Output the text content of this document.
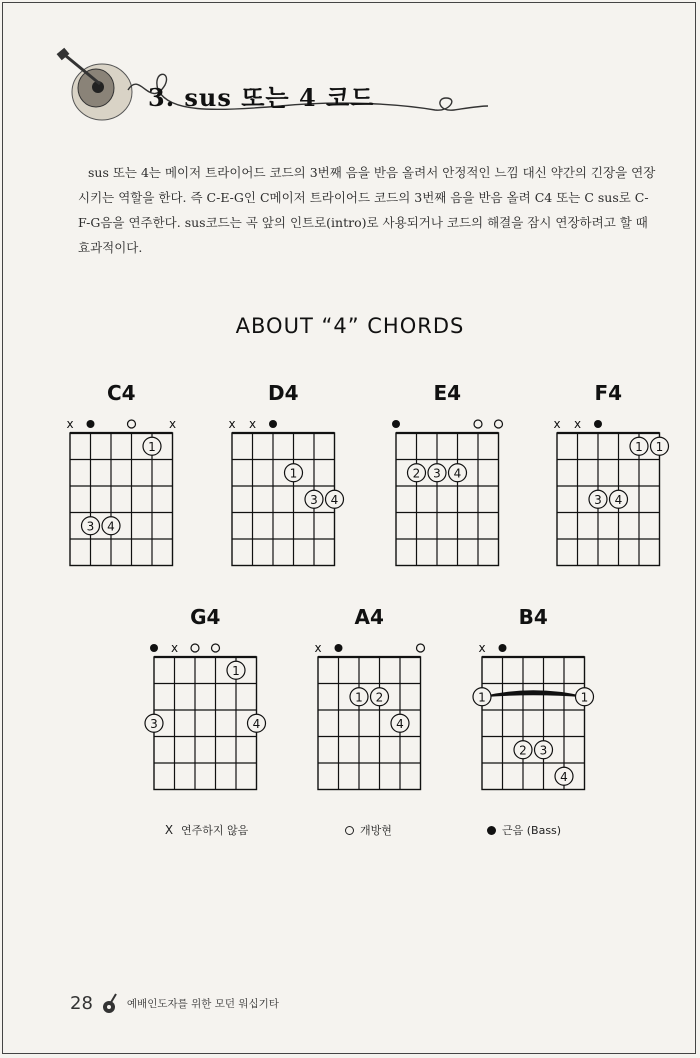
3. sus 또는 4 코드

sus 또는 4는 메이저 트라이어드 코드의 3번째 음을 반음 올려서 안정적인 느낌 대신 약간의 긴장을 연장시키는 역할을 한다. 즉 C-E-G인 C메이저 트라이어드 코드의 3번째 음을 반음 올려 C4 또는 C sus로 C-F-G음을 연주한다. sus코드는 곡 앞의 인트로(intro)로 사용되거나 코드의 해결을 잠시 연장하려고 할 때 효과적이다.

ABOUT “4” CHORDS
C4
x	x
1
3 4
D4
x x
1
3 4
E4
2 3 4
F4
x x
1 1
3 4
G4
x
1
3	4
A4
x
1 2
4
B4
x
1	1
2 3
4
X 연주하지 않음	개방현	근음 (Bass)
28	예배인도자를 위한 모던 워십기타
